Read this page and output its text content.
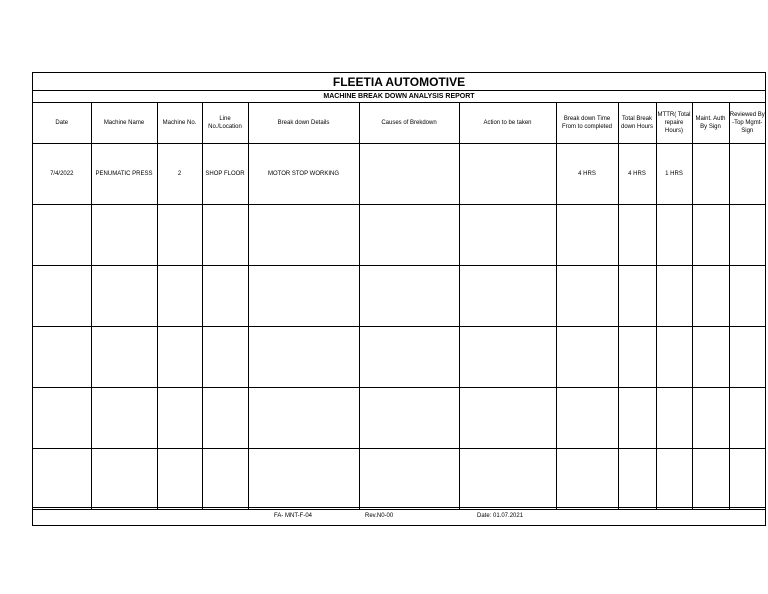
FLEETIA AUTOMOTIVE
MACHINE BREAK DOWN ANALYSIS REPORT
Date	Machine Name	Machine No.	Line No./Location	Break down Details	Causes of Brekdown	Action to be taken	Break down Time From to completed	Total Break down Hours	MTTR( Total repaire Hours)	Maint. Auth By Sign	Reviewed By -Top Mgmt-Sign
7/4/2022	PENUMATIC PRESS	2	SHOP FLOOR	MOTOR STOP WORKING			4 HRS	4 HRS	1 HRS		

FA- MNT-F-04	Rev.N0-00	Date: 01.07.2021
